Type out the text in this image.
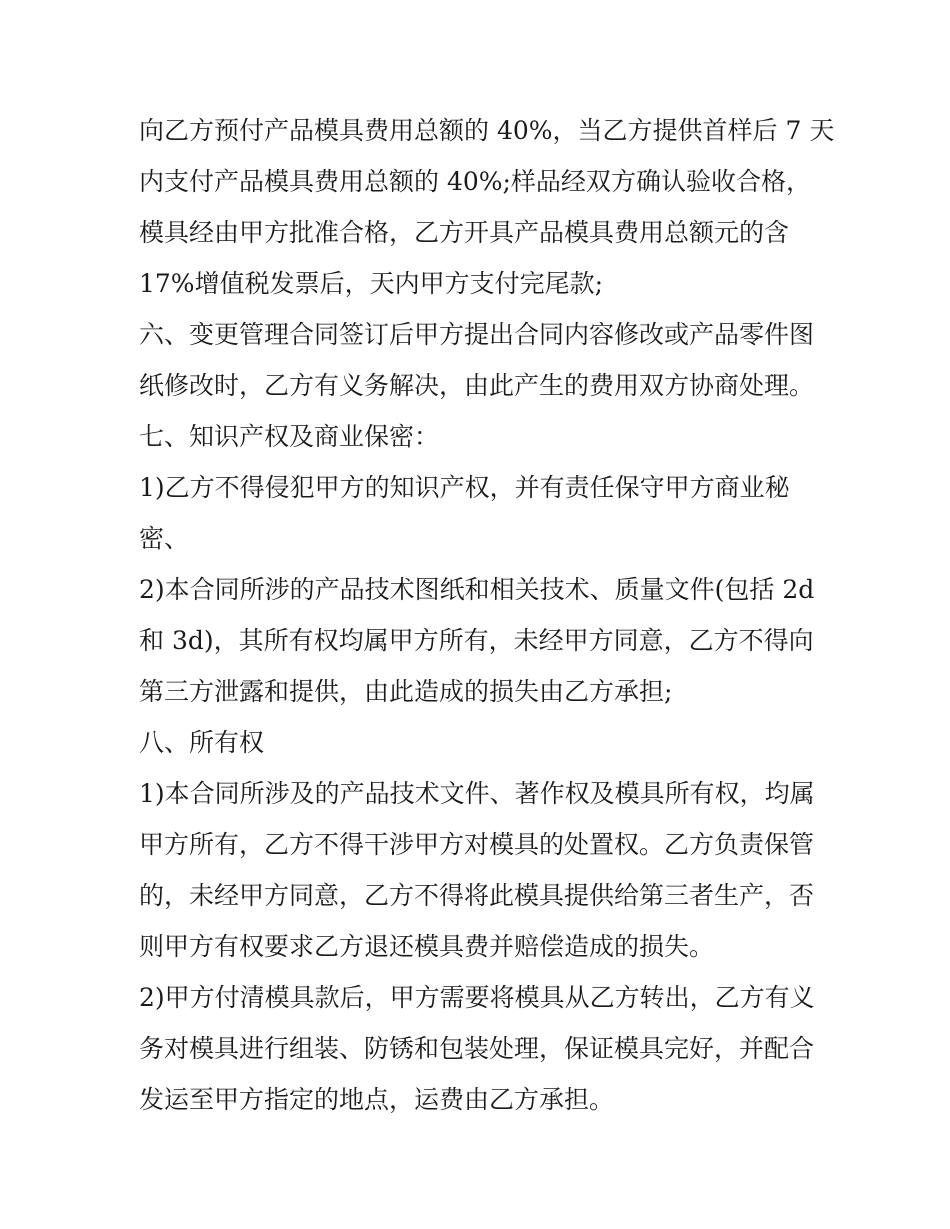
向乙方预付产品模具费用总额的 40%，当乙方提供首样后 7 天
内支付产品模具费用总额的 40%;样品经双方确认验收合格，
模具经由甲方批准合格，乙方开具产品模具费用总额元的含
17%增值税发票后，天内甲方支付完尾款;
六、变更管理合同签订后甲方提出合同内容修改或产品零件图
纸修改时，乙方有义务解决，由此产生的费用双方协商处理。
七、知识产权及商业保密：
1)乙方不得侵犯甲方的知识产权，并有责任保守甲方商业秘
密、
2)本合同所涉的产品技术图纸和相关技术、质量文件(包括 2d
和 3d)，其所有权均属甲方所有，未经甲方同意，乙方不得向
第三方泄露和提供，由此造成的损失由乙方承担;
八、所有权
1)本合同所涉及的产品技术文件、著作权及模具所有权，均属
甲方所有，乙方不得干涉甲方对模具的处置权。乙方负责保管
的，未经甲方同意，乙方不得将此模具提供给第三者生产，否
则甲方有权要求乙方退还模具费并赔偿造成的损失。
2)甲方付清模具款后，甲方需要将模具从乙方转出，乙方有义
务对模具进行组装、防锈和包装处理，保证模具完好，并配合
发运至甲方指定的地点，运费由乙方承担。
